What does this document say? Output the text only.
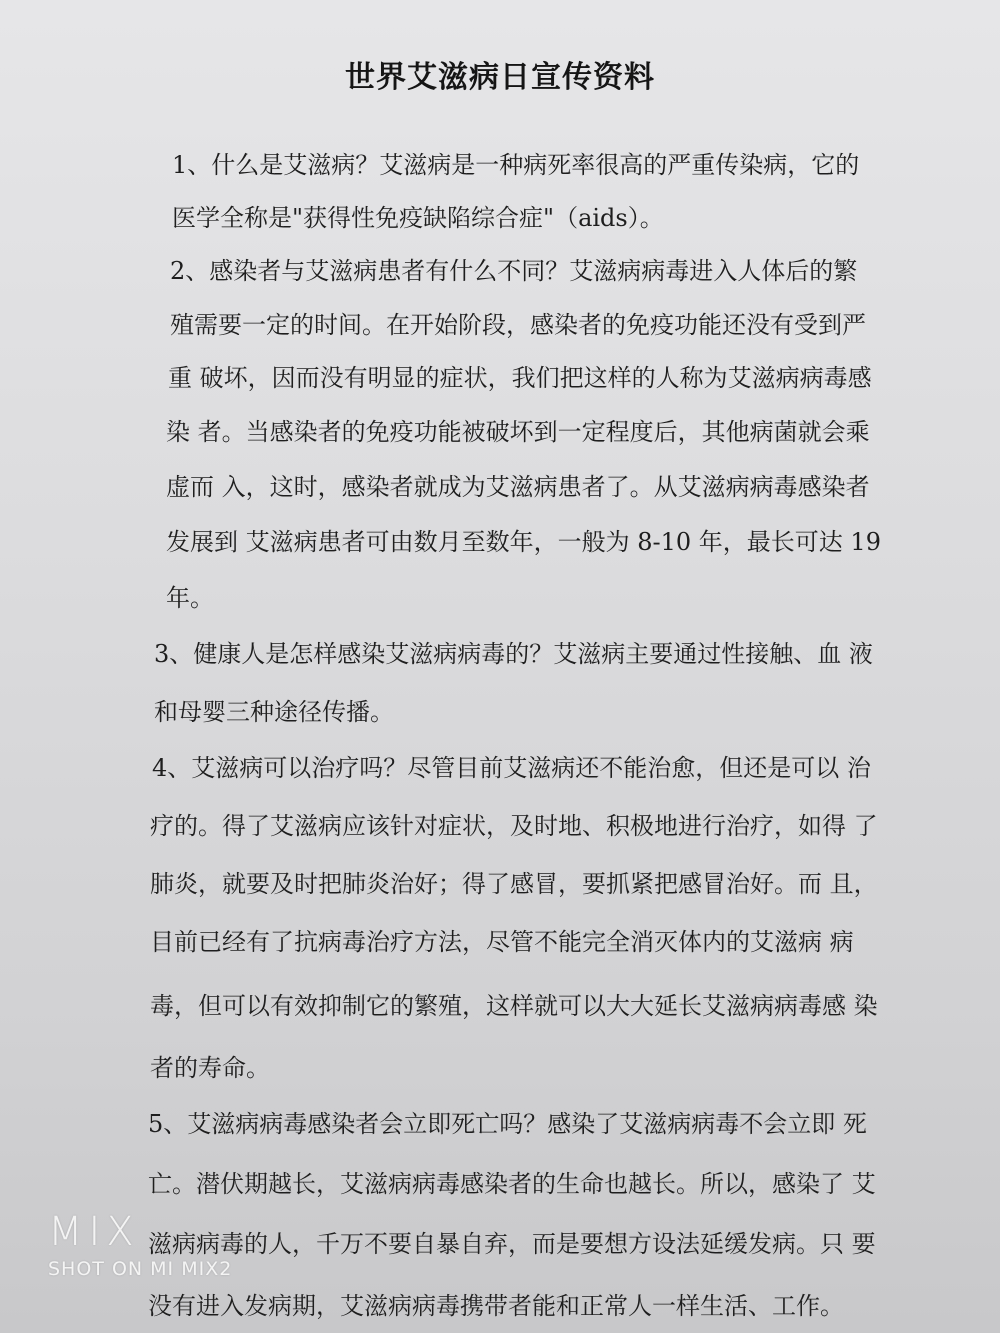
世界艾滋病日宣传资料
1、什么是艾滋病？艾滋病是一种病死率很高的严重传染病，它的
医学全称是"获得性免疫缺陷综合症"（aids）。
2、感染者与艾滋病患者有什么不同？艾滋病病毒进入人体后的繁
殖需要一定的时间。在开始阶段，感染者的免疫功能还没有受到严
重 破坏，因而没有明显的症状，我们把这样的人称为艾滋病病毒感
染 者。当感染者的免疫功能被破坏到一定程度后，其他病菌就会乘
虚而 入，这时，感染者就成为艾滋病患者了。从艾滋病病毒感染者
发展到 艾滋病患者可由数月至数年，一般为 8-10 年，最长可达 19
年。
3、健康人是怎样感染艾滋病病毒的？艾滋病主要通过性接触、血 液
和母婴三种途径传播。
4、艾滋病可以治疗吗？尽管目前艾滋病还不能治愈，但还是可以 治
疗的。得了艾滋病应该针对症状，及时地、积极地进行治疗，如得 了
肺炎，就要及时把肺炎治好；得了感冒，要抓紧把感冒治好。而 且，
目前已经有了抗病毒治疗方法，尽管不能完全消灭体内的艾滋病 病
毒，但可以有效抑制它的繁殖，这样就可以大大延长艾滋病病毒感 染
者的寿命。
5、艾滋病病毒感染者会立即死亡吗？感染了艾滋病病毒不会立即 死
亡。潜伏期越长，艾滋病病毒感染者的生命也越长。所以，感染了 艾
滋病病毒的人，千万不要自暴自弃，而是要想方设法延缓发病。只 要
没有进入发病期，艾滋病病毒携带者能和正常人一样生活、工作。
MIX
SHOT ON MI MIX2
